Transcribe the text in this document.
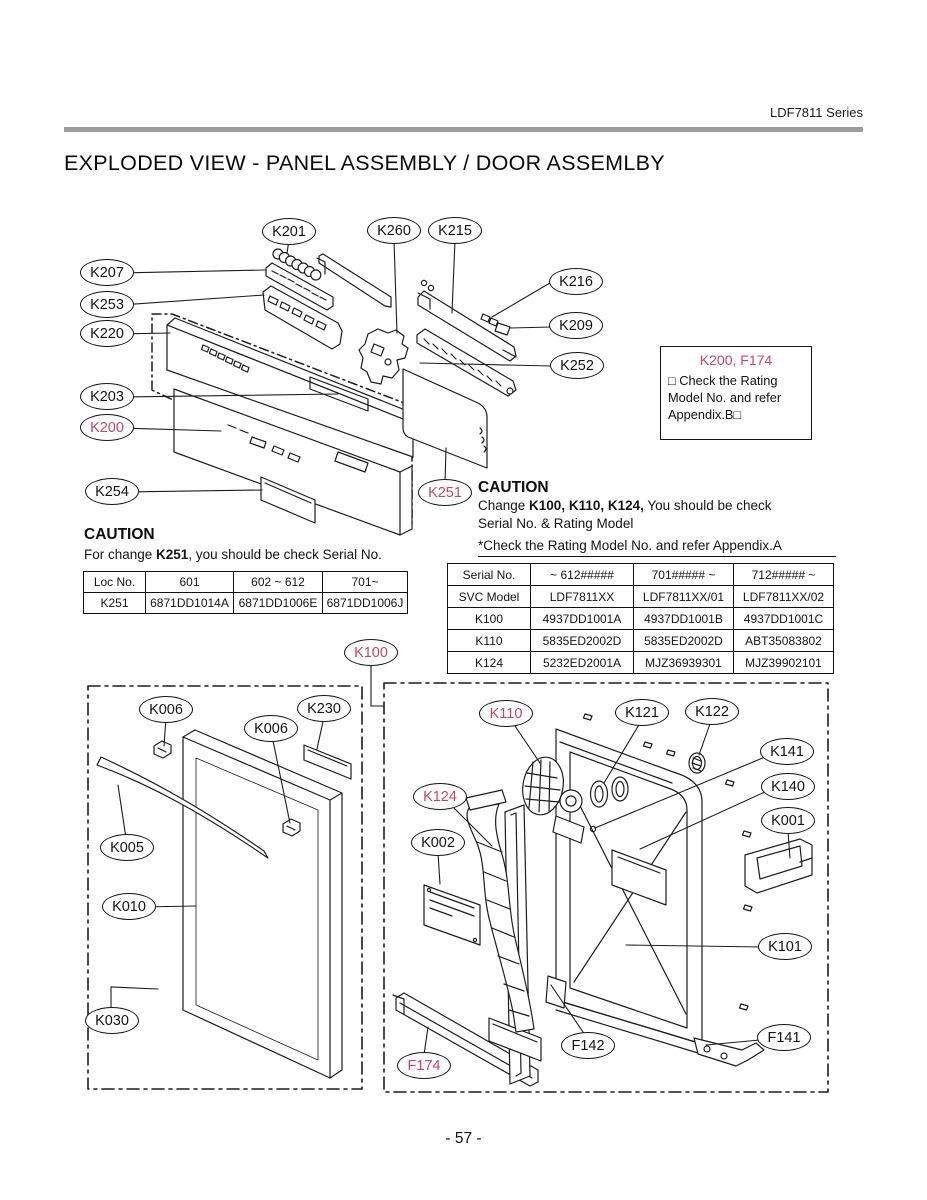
LDF7811 Series
EXPLODED VIEW - PANEL ASSEMBLY / DOOR ASSEMLBY
K201	K260	K215
K207
K253
K220
K216
K209
K252
K203
K200
K254	K251
K100
K006
K006
K230
K005
K010
K030
K110	K121	K122
K141
K140
K001
K124
K002
K101
F142	F141
F174
K200, F174
□ Check the Rating
Model No. and refer
Appendix.B□
CAUTION
For change K251, you should be check Serial No.
Loc No.	601	602 ~ 612	701~
K251	6871DD1014A	6871DD1006E	6871DD1006J
CAUTION
Change K100, K110, K124, You should be check
Serial No. & Rating Model
*Check the Rating Model No. and refer Appendix.A
Serial No.	~ 612#####	701##### ~	712##### ~
SVC Model	LDF7811XX	LDF7811XX/01	LDF7811XX/02
K100	4937DD1001A	4937DD1001B	4937DD1001C
K110	5835ED2002D	5835ED2002D	ABT35083802
K124	5232ED2001A	MJZ36939301	MJZ39902101
- 57 -
